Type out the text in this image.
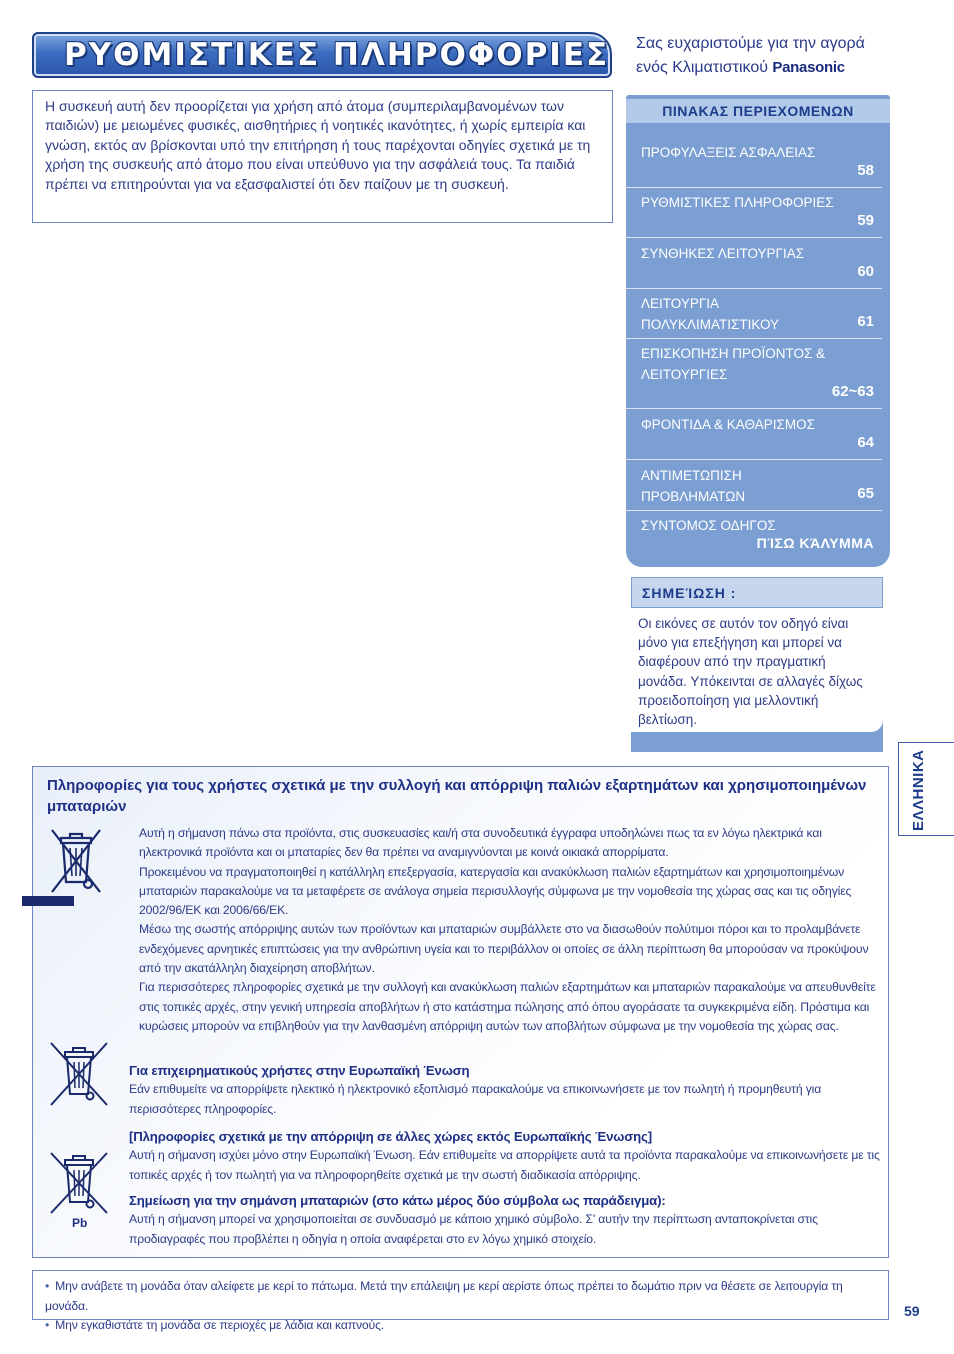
ΡΥΘΜΙΣΤΙΚΕΣ ΠΛΗΡΟΦΟΡΙΕΣ Σας ευχαριστούμε για την αγορά
ενός Κλιματιστικού Panasonic
Η συσκευή αυτή δεν προορίζεται για χρήση από άτομα (συμπεριλαμβανομένων των παιδιών) με μειωμένες φυσικές, αισθητήριες ή νοητικές ικανότητες, ή χωρίς εμπειρία και γνώση, εκτός αν βρίσκονται υπό την επιτήρηση ή τους παρέχονται οδηγίες σχετικά με τη χρήση της συσκευής από άτομο που είναι υπεύθυνο για την ασφάλειά τους. Τα παιδιά πρέπει να επιτηρούνται για να εξασφαλιστεί ότι δεν παίζουν με τη συσκευή.
ΠΙΝΑΚΑΣ ΠΕΡΙΕΧΟΜΕΝΩΝ
ΠΡΟΦΥΛΑΞΕΙΣ ΑΣΦΑΛΕΙΑΣ
58
ΡΥΘΜΙΣΤΙΚΕΣ ΠΛΗΡΟΦΟΡΙΕΣ
59
ΣΥΝΘΗΚΕΣ ΛΕΙΤΟΥΡΓΙΑΣ
60
ΛΕΙΤΟΥΡΓΙΑ ΠΟΛΥΚΛΙΜΑΤΙΣΤΙΚΟΥ	61
ΕΠΙΣΚΟΠΗΣΗ ΠΡΟΪΟΝΤΟΣ & ΛΕΙΤΟΥΡΓΙΕΣ
62~63
ΦΡΟΝΤΙΔΑ & ΚΑΘΑΡΙΣΜΟΣ
64
ΑΝΤΙΜΕΤΩΠΙΣΗ ΠΡΟΒΛΗΜΑΤΩΝ	65
ΣΥΝΤΟΜΟΣ ΟΔΗΓΟΣ
ΠΊΣΩ ΚΆΛΥΜΜΑ
ΣΗΜΕΊΩΣΗ :
Οι εικόνες σε αυτόν τον οδηγό είναι μόνο για επεξήγηση και μπορεί να διαφέρουν από την πραγματική μονάδα. Υπόκεινται σε αλλαγές δίχως προειδοποίηση για μελλοντική βελτίωση.
ΕΛΛΗΝΙΚΑ
Πληροφορίες για τους χρήστες σχετικά με την συλλογή και απόρριψη παλιών εξαρτημάτων και χρησιμοποιημένων μπαταριών
Αυτή η σήμανση πάνω στα προϊόντα, στις συσκευασίες και/ή στα συνοδευτικά έγγραφα υποδηλώνει πως τα εν λόγω ηλεκτρικά και ηλεκτρονικά προϊόντα και οι μπαταρίες δεν θα πρέπει να αναμιγνύονται με κοινά οικιακά απορρίματα.
Προκειμένου να πραγματοποιηθεί η κατάλληλη επεξεργασία, κατεργασία και ανακύκλωση παλιών εξαρτημάτων και χρησιμοποιημένων μπαταριών παρακαλούμε να τα μεταφέρετε σε ανάλογα σημεία περισυλλογής σύμφωνα με την νομοθεσία της χώρας σας και τις οδηγίες 2002/96/ΕΚ και 2006/66/ΕΚ.
Μέσω της σωστής απόρριψης αυτών των προϊόντων και μπαταριών συμβάλλετε στο να διασωθούν πολύτιμοι πόροι και το προλαμβάνετε ενδεχόμενες αρνητικές επιπτώσεις για την ανθρώπινη υγεία και το περιβάλλον οι οποίες σε άλλη περίπτωση θα μπορούσαν να προκύψουν από την ακατάλληλη διαχείρηση αποβλήτων.
Για περισσότερες πληροφορίες σχετικά με την συλλογή και ανακύκλωση παλιών εξαρτημάτων και μπαταριών παρακαλούμε να απευθυνθείτε στις τοπικές αρχές, στην γενική υπηρεσία αποβλήτων ή στο κατάστημα πώλησης από όπου αγοράσατε τα συγκεκριμένα είδη. Πρόστιμα και κυρώσεις μπορούν να επιβληθούν για την λανθασμένη απόρριψη αυτών των αποβλήτων σύμφωνα με την νομοθεσία της χώρας σας.
Για επιχειρηματικούς χρήστες στην Ευρωπαϊκή Ένωση
Εάν επιθυμείτε να απορρίψετε ηλεκτικό ή ηλεκτρονικό εξοπλισμό παρακαλούμε να επικοινωνήσετε με τον πωλητή ή προμηθευτή για περισσότερες πληροφορίες.
[Πληροφορίες σχετικά με την απόρριψη σε άλλες χώρες εκτός Ευρωπαϊκής Ένωσης]
Αυτή η σήμανση ισχύει μόνο στην Ευρωπαϊκή Ένωση. Εάν επιθυμείτε να απορρίψετε αυτά τα προϊόντα παρακαλούμε να επικοινωνήσετε με τις τοπικές αρχές ή τον πωλητή για να πληροφορηθείτε σχετικά με την σωστή διαδικασία απόρριψης.
Σημείωση για την σημάνση μπαταριών (στο κάτω μέρος δύο σύμβολα ως παράδειγμα):
Αυτή η σήμανση μπορεί να χρησιμοποιείται σε συνδυασμό με κάποιο χημικό σύμβολο. Σ' αυτήν την περίπτωση ανταποκρίνεται στις προδιαγραφές που προβλέπει η οδηγία η οποία αναφέρεται στο εν λόγω χημικό στοιχείο.
Pb
• Μην ανάβετε τη μονάδα όταν αλείφετε με κερί το πάτωμα. Μετά την επάλειψη με κερί αερίστε όπως πρέπει το δωμάτιο πριν να θέσετε σε λειτουργία τη μονάδα.
• Μην εγκαθιστάτε τη μονάδα σε περιοχές με λάδια και καπνούς.
59
